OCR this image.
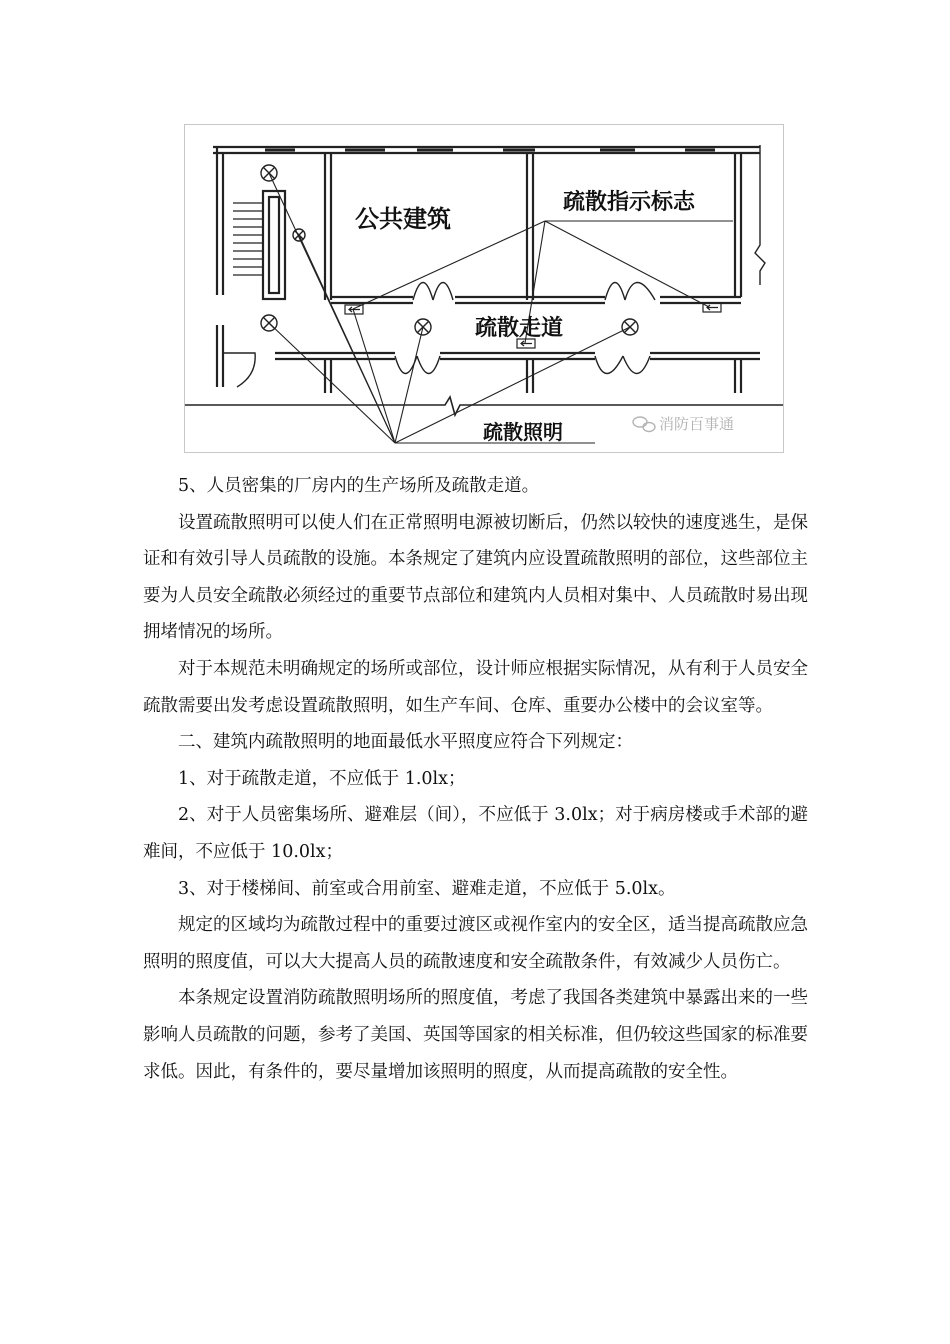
公共建筑
疏散指示标志
疏散走道
疏散照明	消防百事通

5、人员密集的厂房内的生产场所及疏散走道。

设置疏散照明可以使人们在正常照明电源被切断后，仍然以较快的速度逃生，是保证和有效引导人员疏散的设施。本条规定了建筑内应设置疏散照明的部位，这些部位主要为人员安全疏散必须经过的重要节点部位和建筑内人员相对集中、人员疏散时易出现拥堵情况的场所。

对于本规范未明确规定的场所或部位，设计师应根据实际情况，从有利于人员安全疏散需要出发考虑设置疏散照明，如生产车间、仓库、重要办公楼中的会议室等。

二、建筑内疏散照明的地面最低水平照度应符合下列规定：

1、对于疏散走道，不应低于 1.0lx；

2、对于人员密集场所、避难层（间），不应低于 3.0lx；对于病房楼或手术部的避难间，不应低于 10.0lx；

3、对于楼梯间、前室或合用前室、避难走道，不应低于 5.0lx。

规定的区域均为疏散过程中的重要过渡区或视作室内的安全区，适当提高疏散应急照明的照度值，可以大大提高人员的疏散速度和安全疏散条件，有效减少人员伤亡。

本条规定设置消防疏散照明场所的照度值，考虑了我国各类建筑中暴露出来的一些影响人员疏散的问题，参考了美国、英国等国家的相关标准，但仍较这些国家的标准要求低。因此，有条件的，要尽量增加该照明的照度，从而提高疏散的安全性。
